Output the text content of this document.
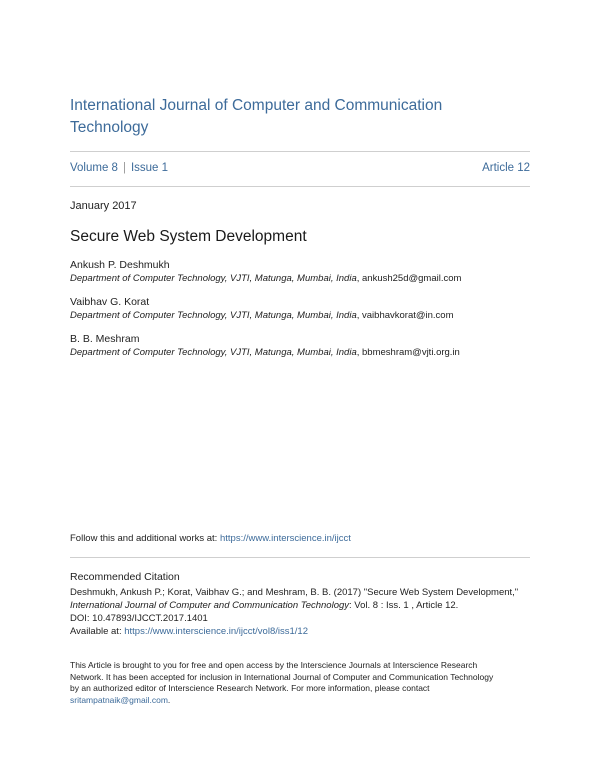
International Journal of Computer and Communication
Technology
Volume 8 | Issue 1	Article 12
January 2017
Secure Web System Development
Ankush P. Deshmukh
Department of Computer Technology, VJTI, Matunga, Mumbai, India, ankush25d@gmail.com
Vaibhav G. Korat
Department of Computer Technology, VJTI, Matunga, Mumbai, India, vaibhavkorat@in.com
B. B. Meshram
Department of Computer Technology, VJTI, Matunga, Mumbai, India, bbmeshram@vjti.org.in
Follow this and additional works at: https://www.interscience.in/ijcct
Recommended Citation
Deshmukh, Ankush P.; Korat, Vaibhav G.; and Meshram, B. B. (2017) "Secure Web System Development,"
International Journal of Computer and Communication Technology: Vol. 8 : Iss. 1 , Article 12.
DOI: 10.47893/IJCCT.2017.1401
Available at: https://www.interscience.in/ijcct/vol8/iss1/12
This Article is brought to you for free and open access by the Interscience Journals at Interscience Research
Network. It has been accepted for inclusion in International Journal of Computer and Communication Technology
by an authorized editor of Interscience Research Network. For more information, please contact
sritampatnaik@gmail.com.
